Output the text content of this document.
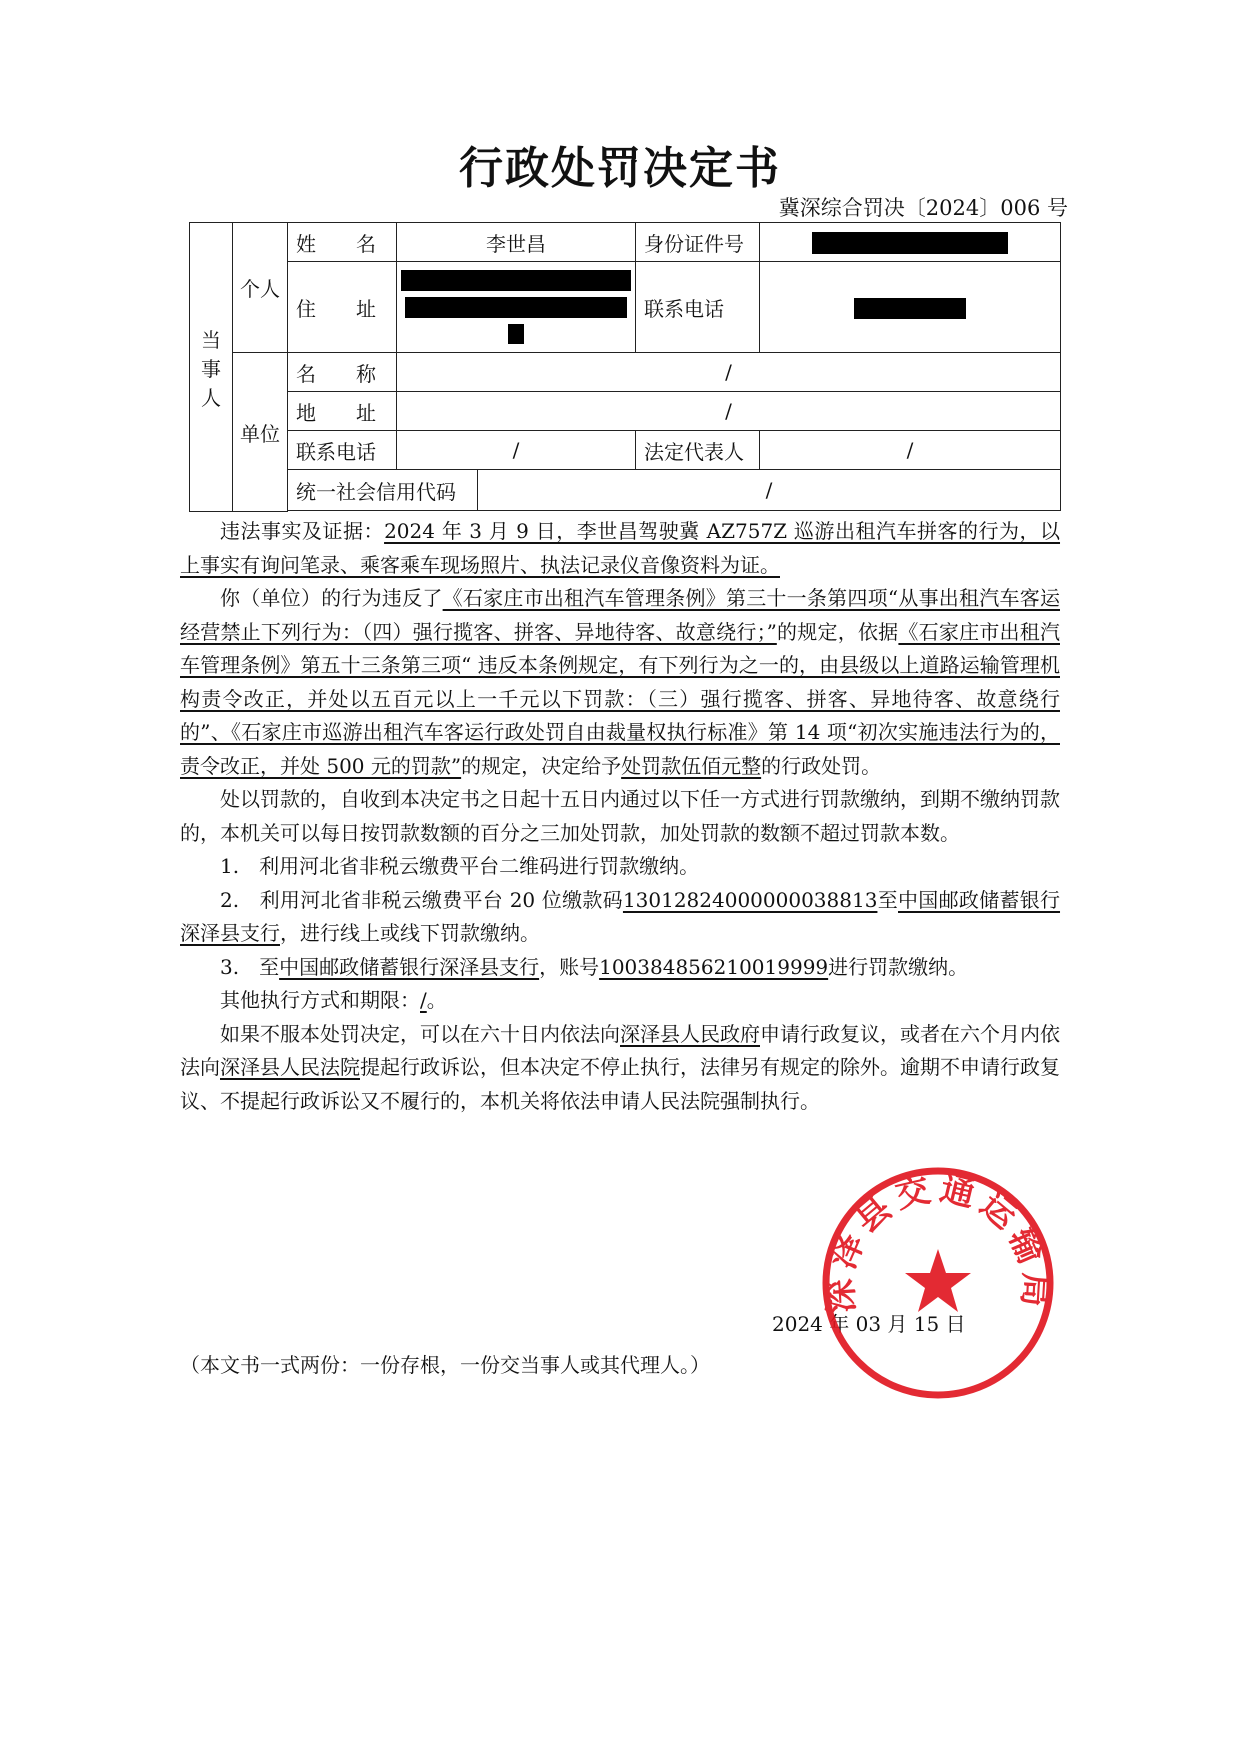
行政处罚决定书
冀深综合罚决〔2024〕006 号
当事人	个人	姓　　名	李世昌		身份证件号	
		住　　址			联系电话	
	单位	名　　称	/			
		地　　址	/			
		联系电话	/		法定代表人	/
		统一社会信用代码		/		

违法事实及证据：2024 年 3 月 9 日，李世昌驾驶冀 AZ757Z 巡游出租汽车拼客的行为，以上事实有询问笔录、乘客乘车现场照片、执法记录仪音像资料为证。

你（单位）的行为违反了《石家庄市出租汽车管理条例》第三十一条第四项“从事出租汽车客运经营禁止下列行为：（四）强行揽客、拼客、异地待客、故意绕行；”的规定，依据《石家庄市出租汽车管理条例》第五十三条第三项“ 违反本条例规定，有下列行为之一的，由县级以上道路运输管理机构责令改正，并处以五百元以上一千元以下罚款：（三）强行揽客、拼客、异地待客、故意绕行的”、《石家庄市巡游出租汽车客运行政处罚自由裁量权执行标准》第 14 项“初次实施违法行为的，责令改正，并处 500 元的罚款”的规定，决定给予处罚款伍佰元整的行政处罚。

处以罚款的，自收到本决定书之日起十五日内通过以下任一方式进行罚款缴纳，到期不缴纳罚款的，本机关可以每日按罚款数额的百分之三加处罚款，加处罚款的数额不超过罚款本数。

1.　利用河北省非税云缴费平台二维码进行罚款缴纳。

2.　利用河北省非税云缴费平台 20 位缴款码13012824000000038813至中国邮政储蓄银行深泽县支行，进行线上或线下罚款缴纳。

3.　至中国邮政储蓄银行深泽县支行，账号100384856210019999进行罚款缴纳。

其他执行方式和期限：/。

如果不服本处罚决定，可以在六十日内依法向深泽县人民政府申请行政复议，或者在六个月内依法向深泽县人民法院提起行政诉讼，但本决定不停止执行，法律另有规定的除外。逾期不申请行政复议、不提起行政诉讼又不履行的，本机关将依法申请人民法院强制执行。

2024 年 03 月 15 日
（本文书一式两份：一份存根，一份交当事人或其代理人。）
深泽县交通运输局
